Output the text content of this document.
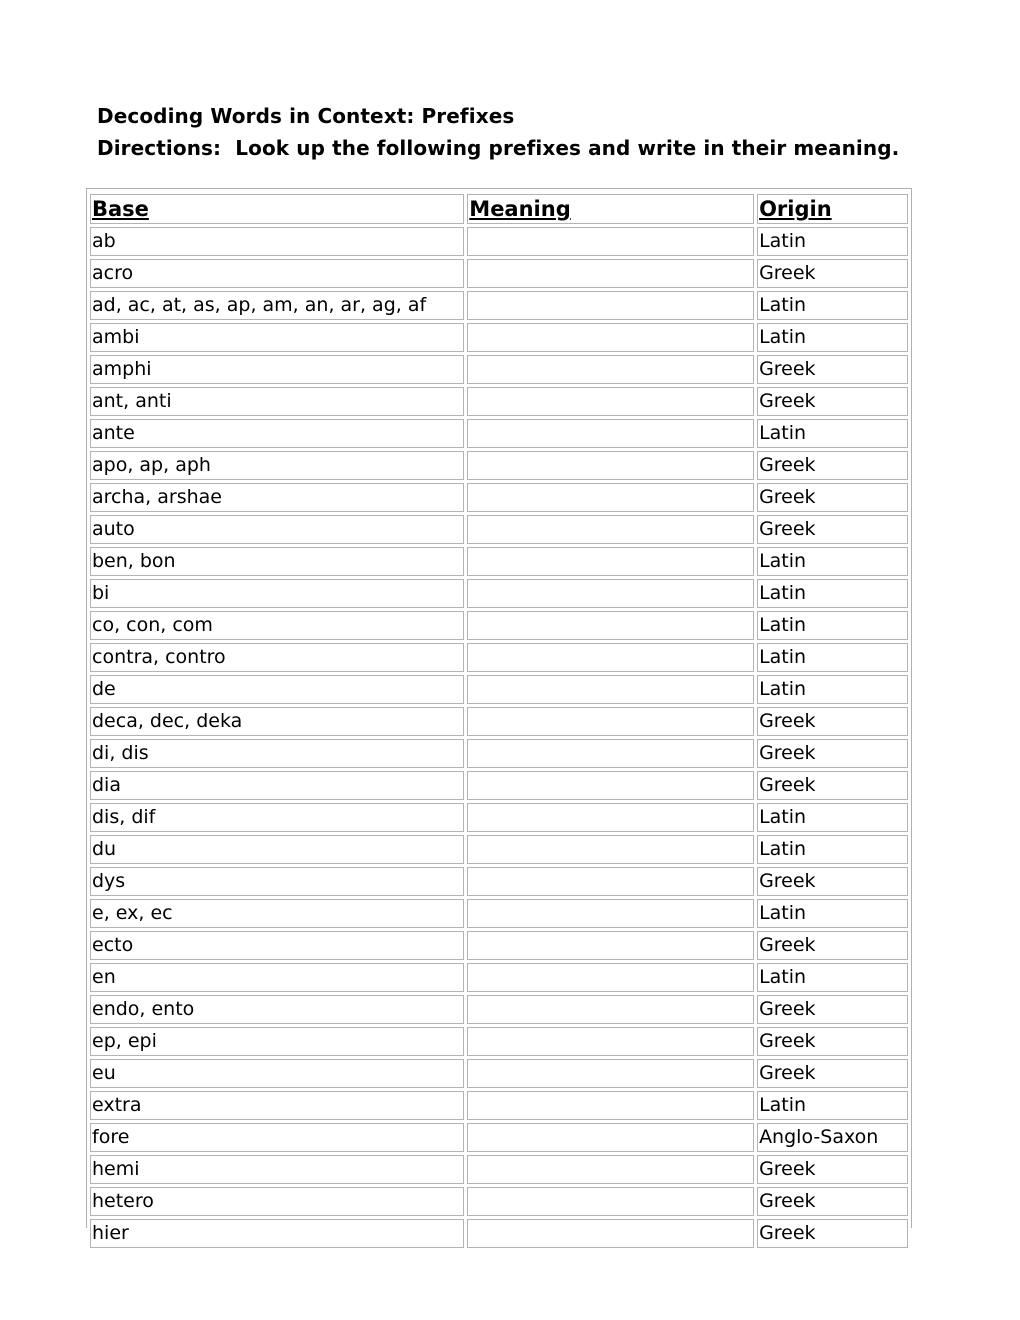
Decoding Words in Context: Prefixes
Directions:  Look up the following prefixes and write in their meaning.
Base	Meaning	Origin
ab		Latin
acro		Greek
ad, ac, at, as, ap, am, an, ar, ag, af		Latin
ambi		Latin
amphi		Greek
ant, anti		Greek
ante		Latin
apo, ap, aph		Greek
archa, arshae		Greek
auto		Greek
ben, bon		Latin
bi		Latin
co, con, com		Latin
contra, contro		Latin
de		Latin
deca, dec, deka		Greek
di, dis		Greek
dia		Greek
dis, dif		Latin
du		Latin
dys		Greek
e, ex, ec		Latin
ecto		Greek
en		Latin
endo, ento		Greek
ep, epi		Greek
eu		Greek
extra		Latin
fore		Anglo-Saxon
hemi		Greek
hetero		Greek
hier		Greek
